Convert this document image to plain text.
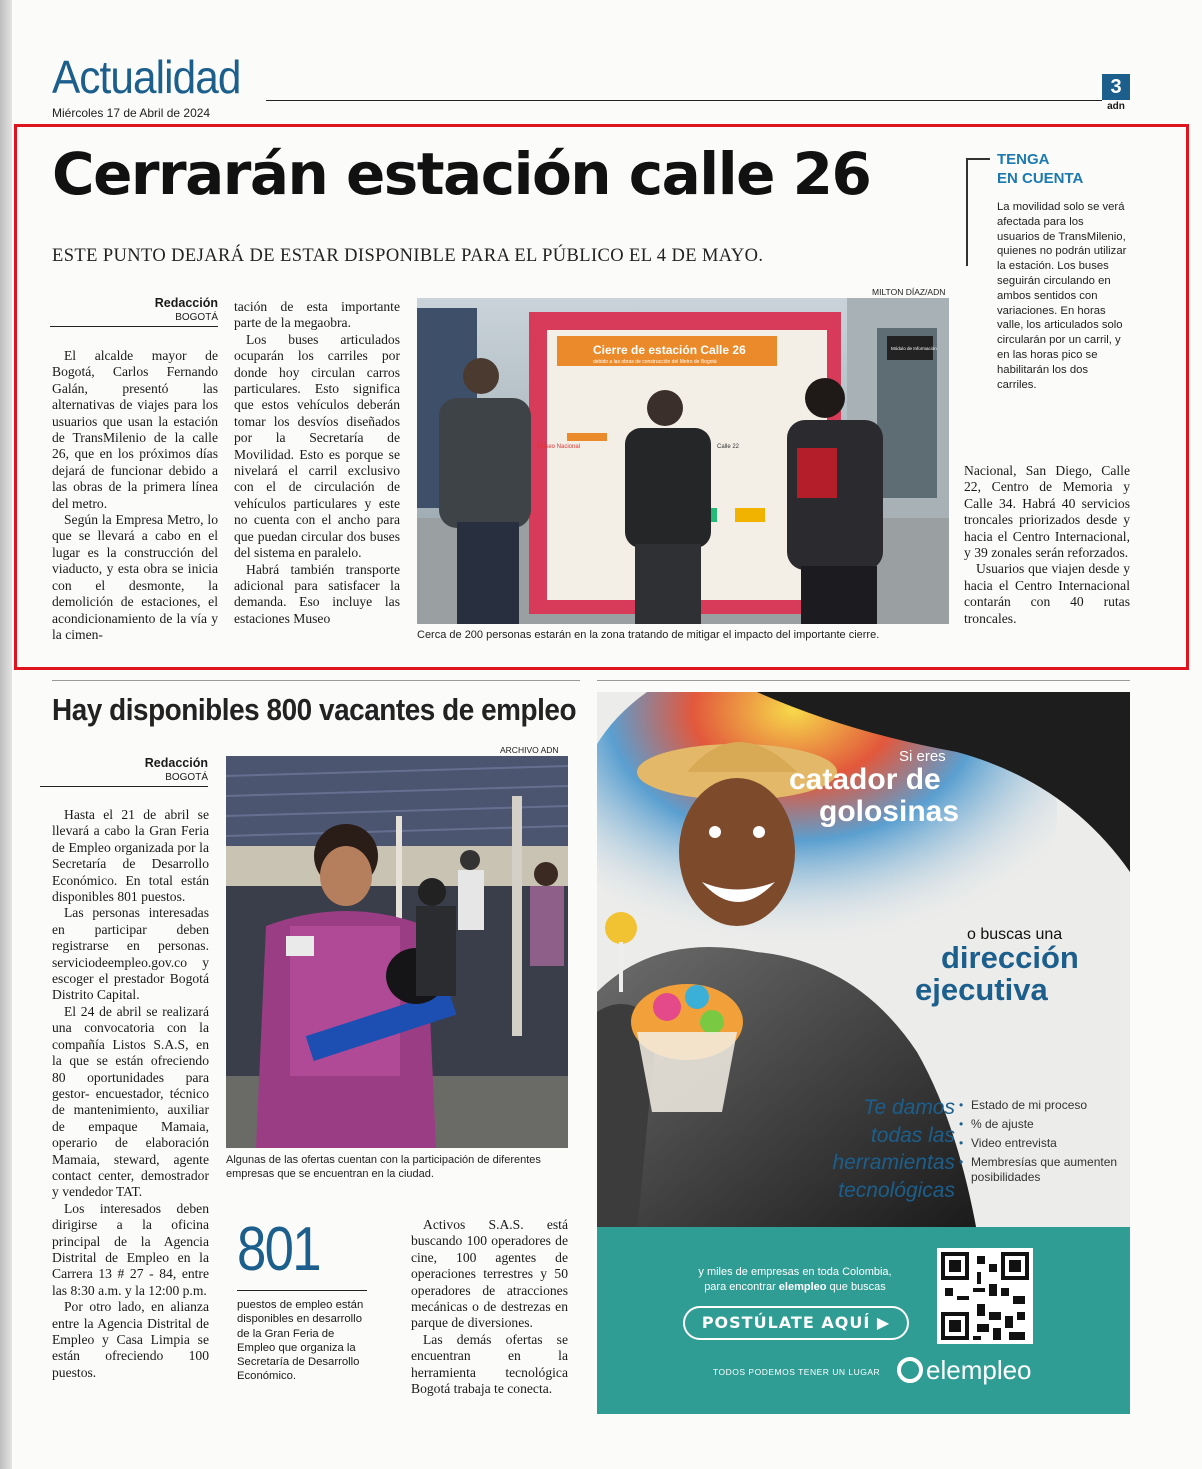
Actualidad
Miércoles 17 de Abril de 2024
3
adn
Cerrarán estación calle 26
ESTE PUNTO DEJARÁ DE ESTAR DISPONIBLE PARA EL PÚBLICO EL 4 DE MAYO.
Redacción
BOGOTÁ

El alcalde mayor de Bogotá, Carlos Fernando Galán, presentó las alternativas de viajes para los usuarios que usan la estación de TransMilenio de la calle 26, que en los próximos días dejará de funcionar debido a las obras de la primera línea del metro.

Según la Empresa Metro, lo que se llevará a cabo en el lugar es la construcción del viaducto, y esta obra se inicia con el desmonte, la demolición de estaciones, el acondicionamiento de la vía y la cimen-

tación de esta importante parte de la megaobra.

Los buses articulados ocuparán los carriles por donde hoy circulan carros particulares. Esto significa que estos vehículos deberán tomar los desvíos diseñados por la Secretaría de Movilidad. Esto es porque se nivelará el carril exclusivo con el de circulación de vehículos particulares y este no cuenta con el ancho para que puedan circular dos buses del sistema en paralelo.

Habrá también transporte adicional para satisfacer la demanda. Eso incluye las estaciones Museo

MILTON DÍAZ/ADN
Cierre de estación Calle 26
debido a las obras de construcción del Metro de Bogotá
Museo Nacional	Calle 22
Módulo de Información
Cerca de 200 personas estarán en la zona tratando de mitigar el impacto del importante cierre.
TENGA
EN CUENTA
La movilidad solo se verá afectada para los usuarios de TransMilenio, quienes no podrán utilizar la estación. Los buses seguirán circulando en ambos sentidos con variaciones. En horas valle, los articulados solo circularán por un carril, y en las horas pico se habilitarán los dos carriles.

Nacional, San Diego, Calle 22, Centro de Memoria y Calle 34. Habrá 40 servicios troncales priorizados desde y hacia el Centro Internacional, y 39 zonales serán reforzados.

Usuarios que viajen desde y hacia el Centro Internacional contarán con 40 rutas troncales.

Hay disponibles 800 vacantes de empleo
Redacción
BOGOTÁ
ARCHIVO ADN

Hasta el 21 de abril se llevará a cabo la Gran Feria de Empleo organizada por la Secretaría de Desarrollo Económico. En total están disponibles 801 puestos.

Las personas interesadas en participar deben registrarse en personas. serviciodeempleo.gov.co y escoger el prestador Bogotá Distrito Capital.

El 24 de abril se realizará una convocatoria con la compañía Listos S.A.S, en la que se están ofreciendo 80 oportunidades para gestor- encuestador, técnico de mantenimiento, auxiliar de empaque Mamaia, operario de elaboración Mamaia, steward, agente contact center, demostrador y vendedor TAT.

Los interesados deben dirigirse a la oficina principal de la Agencia Distrital de Empleo en la Carrera 13 # 27 - 84, entre las 8:30 a.m. y la 12:00 p.m.

Por otro lado, en alianza entre la Agencia Distrital de Empleo y Casa Limpia se están ofreciendo 100 puestos.

Algunas de las ofertas cuentan con la participación de diferentes empresas que se encuentran en la ciudad.
801
puestos de empleo están disponibles en desarrollo de la Gran Feria de Empleo que organiza la Secretaría de Desarrollo Económico.

Activos S.A.S. está buscando 100 operadores de cine, 100 agentes de operaciones terrestres y 50 operadores de atracciones mecánicas o de destrezas en parque de diversiones.

Las demás ofertas se encuentran en la herramienta tecnológica Bogotá trabaja te conecta.

Si eres
catador de
golosinas
o buscas una
dirección
ejecutiva
Te damos
todas las
herramientas
tecnológicas
• Estado de mi proceso
• % de ajuste
• Video entrevista
• Membresías que aumenten posibilidades
y miles de empresas en toda Colombia,
para encontrar elempleo que buscas
POSTÚLATE AQUÍ ▶
TODOS PODEMOS TENER UN LUGAR	elempleo
